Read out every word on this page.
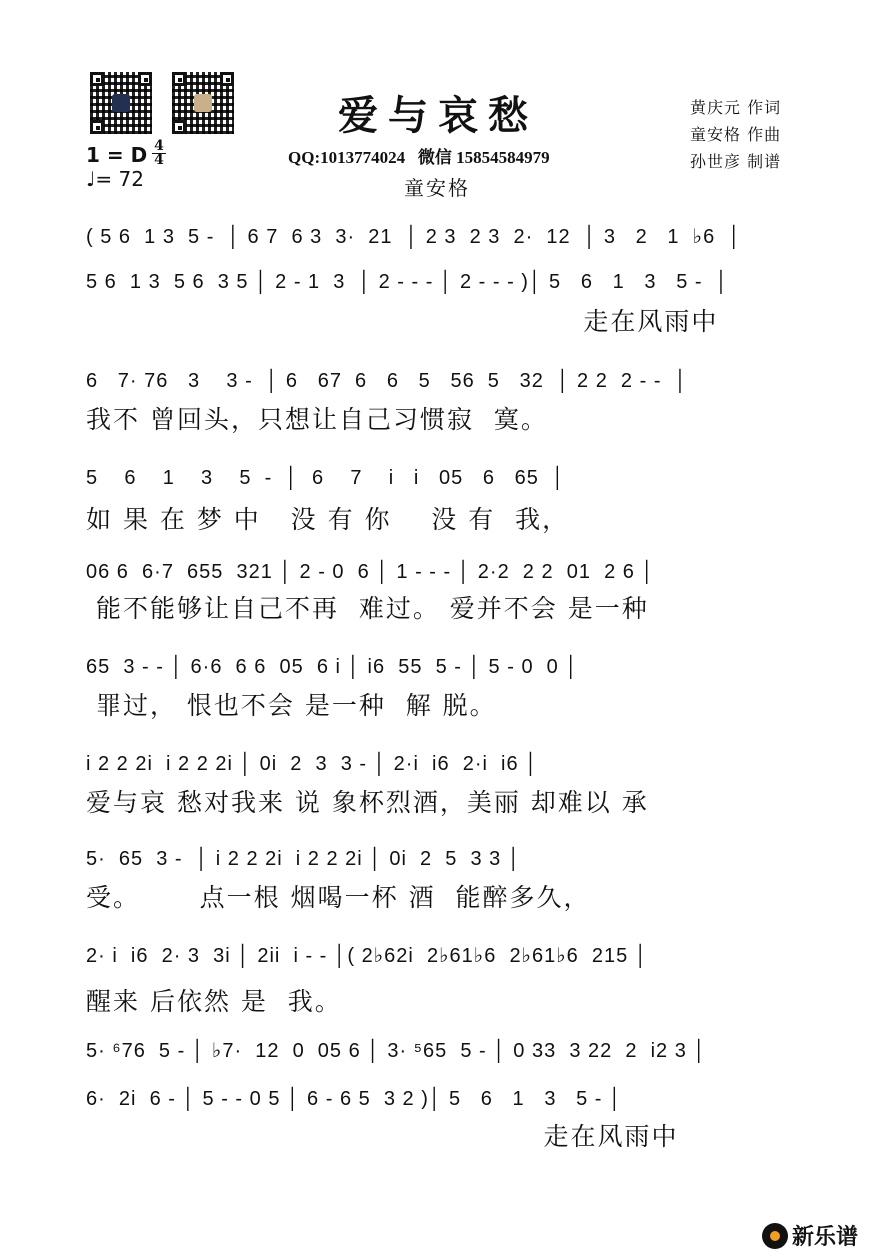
1 = D 4
4
♩= 72
爱与哀愁
QQ:1013774024   微信 15854584979
童安格
黄庆元 作词
童安格 作曲
孙世彦 制谱
( 5 6  1 3  5 -  │ 6 7  6 3  3·  21  │ 2 3  2 3  2·  12  │ 3   2   1  ♭6  │
5 6  1 3  5 6  3 5 │ 2 - 1  3  │ 2 - - - │ 2 - - - )│ 5   6   1   3   5 -  │
走在风雨中
6   7· 76   3    3 -  │ 6   67  6   6   5   56  5   32  │ 2 2  2 - -  │
我不 曾回头，只想让自己习惯寂  寞。
5    6    1    3    5  -  │  6    7    i   i   05   6   65  │
如 果 在 梦 中   没 有 你    没 有  我，
06 6  6·7  655  321 │ 2 - 0  6 │ 1 - - - │ 2·2  2 2  01  2 6 │
能不能够让自己不再  难过。 爱并不会 是一种
65  3 - - │ 6·6  6 6  05  6 i │ i6  55  5 - │ 5 - 0  0 │
罪过， 恨也不会 是一种  解 脱。
i 2 2 2i  i 2 2 2i │ 0i  2  3  3 - │ 2·i  i6  2·i  i6 │
爱与哀 愁对我来 说 象杯烈酒，美丽 却难以 承
5·  65  3 -  │ i 2 2 2i  i 2 2 2i │ 0i  2  5  3 3 │
受。      点一根 烟喝一杯 酒  能醉多久，
2· i  i6  2· 3  3i │ 2ii  i - - │( 2♭62i  2♭61♭6  2♭61♭6  215 │
醒来 后依然 是  我。
5· ⁶76  5 - │ ♭7·  12  0  05 6 │ 3· ⁵65  5 - │ 0 33  3 22  2  i2 3 │
6·  2i  6 - │ 5 - - 0 5 │ 6 - 6 5  3 2 )│ 5   6   1   3   5 - │
走在风雨中
新乐谱
